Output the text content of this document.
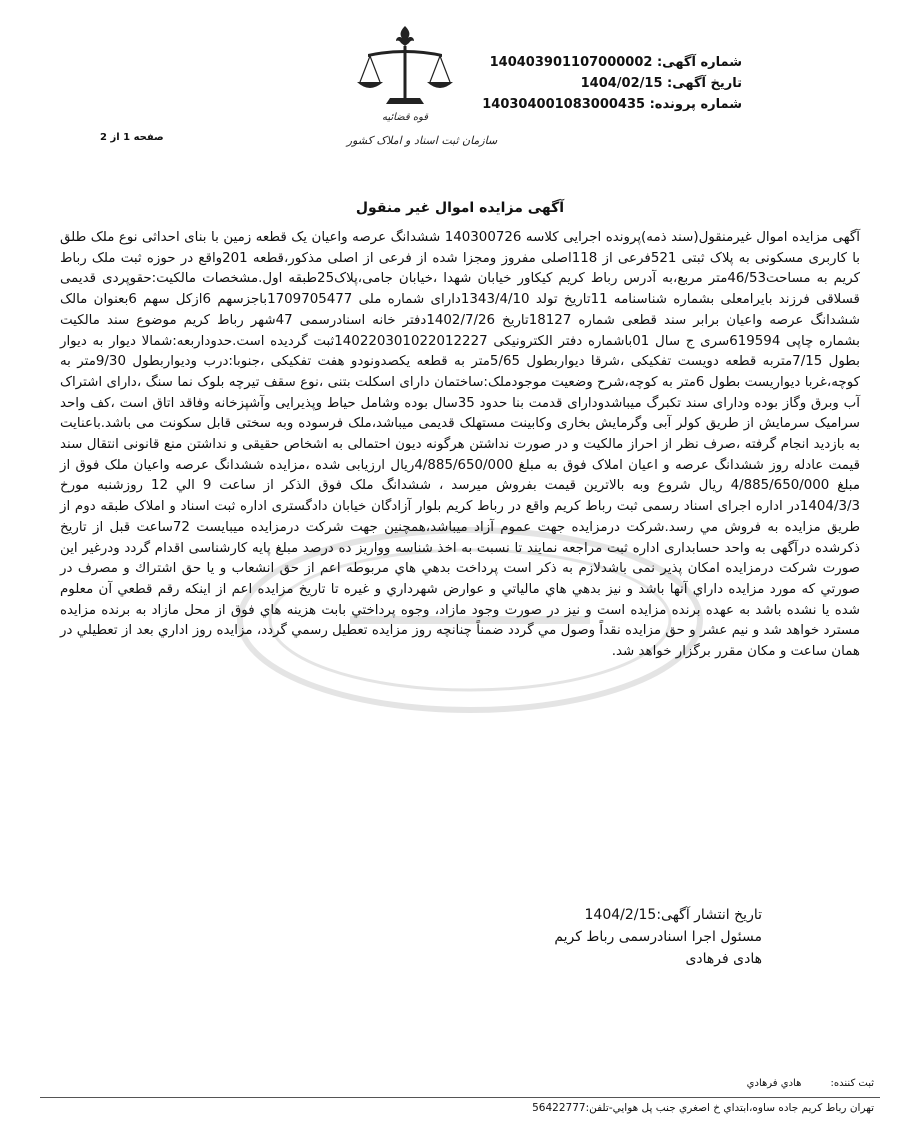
شماره آگهی: 140403901107000002
تاریخ آگهی: 1404/02/15
شماره پرونده: 140304001083000435
قوه قضائیه
سازمان ثبت اسناد و املاک کشور
صفحه 1 از 2
آگهی مزایده اموال غیر منقول
آگهی مزایده اموال غیرمنقول(سند ذمه)پرونده اجرایی کلاسه 140300726 ششدانگ عرصه واعیان یک قطعه زمین با بنای احداثی نوع ملک طلق با کاربری مسکونی به پلاک ثبتی 521فرعی از 118اصلی مفروز ومجزا شده از فرعی از اصلی مذکور،قطعه 201واقع در حوزه ثبت ملک رباط کریم به مساحت46/53متر مربع،به آدرس رباط کریم کیکاور خیابان شهدا ،خیابان جامی،پلاک25طبقه اول.مشخصات مالکیت:حقوپردی قدیمی قسلاقی فرزند بایرامعلی بشماره شناسنامه 11تاریخ تولد 1343/4/10دارای شماره ملی 1709705477باجزسهم 6ازکل سهم 6بعنوان مالک ششدانگ عرصه واعیان برابر سند قطعی شماره 18127تاریخ 1402/7/26دفتر خانه اسنادرسمی 47شهر رباط کریم موضوع سند مالکیت بشماره چاپی 619594سری ج سال 01باشماره دفتر الکترونیکی 140220301022012227ثبت گردیده است.حدوداربعه:شمالا دیوار به دیوار بطول 7/15متربه قطعه دویست تفکیکی ،شرقا دیواربطول 5/65متر به قطعه یکصدونودو هفت تفکیکی ،جنوبا:درب ودیواربطول 9/30متر به کوچه،غربا دیواریست بطول 6متر به کوچه،شرح وضعیت موجودملک:ساختمان دارای اسکلت بتنی ،نوع سقف تیرچه بلوک نما سنگ ،دارای اشتراک آب وبرق وگاز بوده ودارای سند تکبرگ میباشدودارای قدمت بنا حدود 35سال بوده وشامل حیاط وپذیرایی وآشپزخانه وفاقد اتاق است ،کف واحد سرامیک سرمایش از طریق کولر آبی وگرمایش بخاری وکابینت مستهلک قدیمی میباشد،ملک فرسوده وبه سختی قابل سکونت می باشد.باعنایت به بازدید انجام گرفته ،صرف نظر از احراز مالکیت و در صورت نداشتن هرگونه دیون احتمالی به اشخاص حقیقی و نداشتن منع قانونی انتقال سند قیمت عادله روز ششدانگ عرصه و اعیان املاک فوق به مبلغ 4/885/650/000ریال ارزیابی شده ،مزایده ششدانگ عرصه واعیان ملک فوق از مبلغ 4/885/650/000 ریال شروع وبه بالاترین قیمت بفروش میرسد ، ششدانگ ملک فوق الذکر از ساعت 9 الي 12 روزشنبه مورخ 1404/3/3در اداره اجرای اسناد رسمی ثبت رباط کریم واقع در رباط کریم بلوار آزادگان خیابان دادگستری اداره ثبت اسناد و املاک طبقه دوم از طريق مزايده به فروش مي رسد.شرکت درمزایده جهت عموم آزاد میباشد،همچنین جهت شرکت درمزایده میبایست 72ساعت قبل از تاریخ ذکرشده درآگهی به واحد حسابداری اداره ثبت مراجعه نمایند تا نسبت به اخذ شناسه وواریز ده درصد مبلغ پایه کارشناسی اقدام گردد ودرغیر این صورت شرکت درمزایده امکان پذیر نمی باشدلازم به ذکر است پرداخت بدهي هاي مربوطه اعم از حق انشعاب و يا حق اشتراك و مصرف در صورتي كه مورد مزايده داراي آنها باشد و نيز بدهي هاي مالياتي و عوارض شهرداري و غيره تا تاريخ مزايده اعم از اينكه رقم قطعي آن معلوم شده يا نشده باشد به عهده برنده مزايده است و نيز در صورت وجود مازاد، وجوه پرداختي بابت هزينه هاي فوق از محل مازاد به برنده مزايده مسترد خواهد شد و نيم عشر و حق مزايده نقداً وصول مي گردد ضمناً چنانچه روز مزايده تعطيل رسمي گردد، مزايده روز اداري بعد از تعطيلي در همان ساعت و مكان مقرر برگزار خواهد شد.
تاریخ انتشار آگهی:1404/2/15
مسئول اجرا اسنادرسمی رباط کریم
هادی فرهادی
ثبت کننده: هادي فرهادي
تهران رباط كريم جاده ساوه،ابتداي خ اصغري جنب پل هوايي-تلفن:56422777
